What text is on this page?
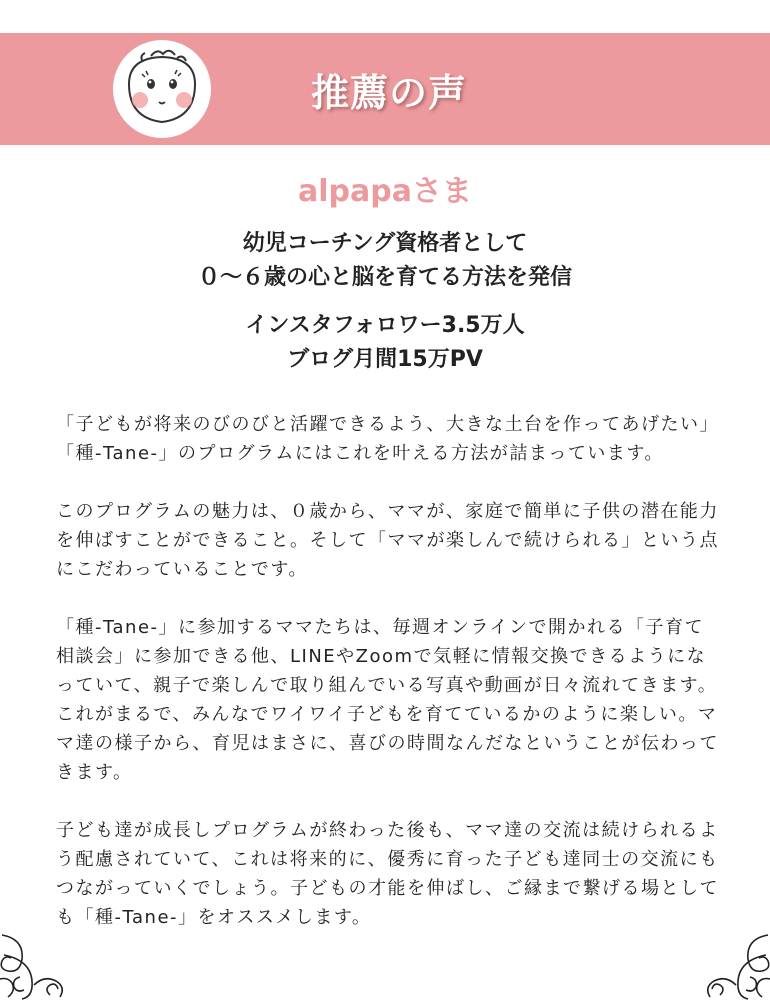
推薦の声
alpapaさま
幼児コーチング資格者として
０～６歳の心と脳を育てる方法を発信
インスタフォロワー3.5万人
ブログ月間15万PV

「子どもが将来のびのびと活躍できるよう、大きな土台を作ってあげたい」「種-Tane-」のプログラムにはこれを叶える方法が詰まっています。

このプログラムの魅力は、０歳から、ママが、家庭で簡単に子供の潜在能力を伸ばすことができること。そして「ママが楽しんで続けられる」という点にこだわっていることです。

「種-Tane-」に参加するママたちは、毎週オンラインで開かれる「子育て相談会」に参加できる他、LINEやZoomで気軽に情報交換できるようになっていて、親子で楽しんで取り組んでいる写真や動画が日々流れてきます。これがまるで、みんなでワイワイ子どもを育てているかのように楽しい。ママ達の様子から、育児はまさに、喜びの時間なんだなということが伝わってきます。

子ども達が成長しプログラムが終わった後も、ママ達の交流は続けられるよう配慮されていて、これは将来的に、優秀に育った子ども達同士の交流にもつながっていくでしょう。子どもの才能を伸ばし、ご縁まで繋げる場としても「種-Tane-」をオススメします。
